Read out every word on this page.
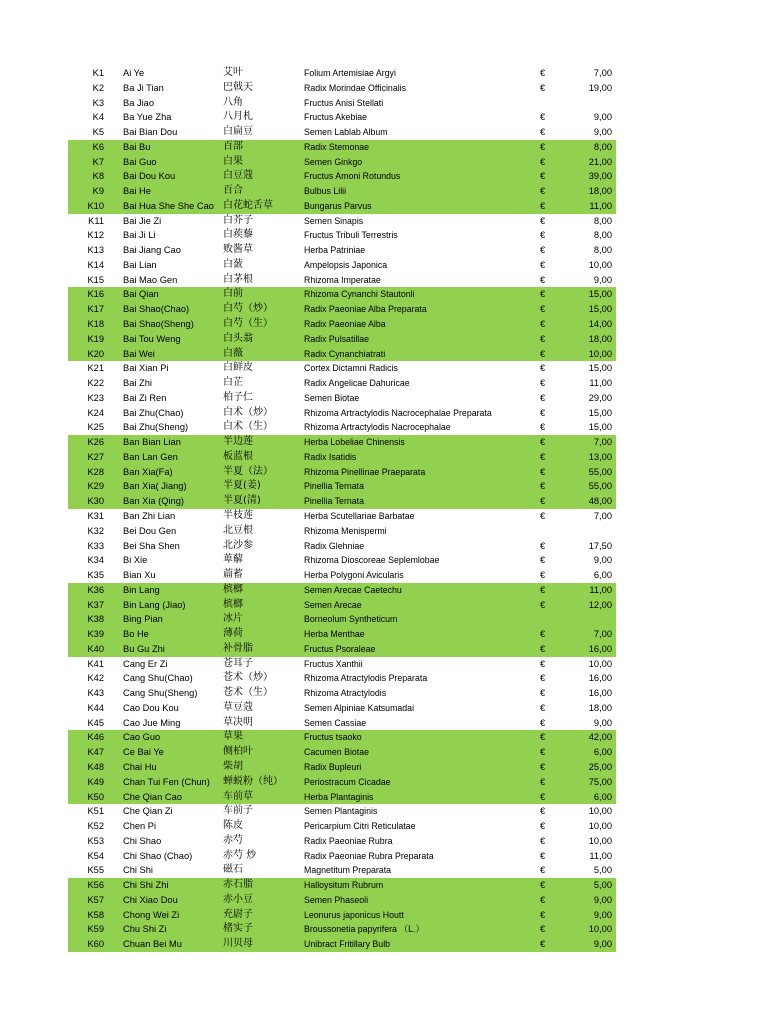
K1 Ai Ye	艾叶	Folium Artemisiae Argyi	€	7,00
K2 Ba Ji Tian	巴戟天	Radix Morindae Officinalis	€	19,00
K3 Ba Jiao	八角	Fructus Anisi Stellati
K4 Ba Yue Zha	八月札	Fructus Akebiae	€	9,00
K5 Bai Bian Dou	白扁豆	Semen Lablab Album	€	9,00
K6 Bai Bu	百部	Radix Stemonae	€	8,00
K7 Bai Guo	白果	Semen Ginkgo	€	21,00
K8 Bai Dou Kou	白豆蔻	Fructus Amoni Rotundus	€	39,00
K9 Bai He	百合	Bulbus Lilii	€	18,00
K10 Bai Hua She She Cao 白花蛇舌草	Bungarus Parvus	€	11,00
K11 Bai Jie Zi	白芥子	Semen Sinapis	€	8,00
K12 Bai Ji Li	白蒺藜	Fructus Tribuli Terrestris	€	8,00
K13 Bai Jiang Cao	败酱草	Herba Patriniae	€	8,00
K14 Bai Lian	白蔹	Ampelopsis Japonica	€	10,00
K15 Bai Mao Gen	白茅根	Rhizoma Imperatae	€	9,00
K16 Bai Qian	白前	Rhizoma Cynanchi Stautonli	€	15,00
K17 Bai Shao(Chao)	白芍（炒）	Radix Paeoniae Alba Preparata	€	15,00
K18 Bai Shao(Sheng)	白芍（生）	Radix Paeoniae Alba	€	14,00
K19 Bai Tou Weng	白头翁	Radix Pulsatillae	€	18,00
K20 Bai Wei	白薇	Radix Cynanchiatrati	€	10,00
K21 Bai Xian Pi	白鲜皮	Cortex Dictamni Radicis	€	15,00
K22 Bai Zhi	白芷	Radix Angelicae Dahuricae	€	11,00
K23 Bai Zi Ren	柏子仁	Semen Biotae	€	29,00
K24 Bai Zhu(Chao)	白术（炒）	Rhizoma Artractylodis Nacrocephalae Preparata	€	15,00
K25 Bai Zhu(Sheng)	白术（生）	Rhizoma Artractylodis Nacrocephalae	€	15,00
K26 Ban Bian Lian	半边莲	Herba Lobeliae Chinensis	€	7,00
K27 Ban Lan Gen	板蓝根	Radix Isatidis	€	13,00
K28 Ban Xia(Fa)	半夏（法）	Rhizoma Pinellinae Praeparata	€	55,00
K29 Ban Xia( Jiang)	半夏(姜)	Pinellia Ternata	€	55,00
K30 Ban Xia (Qing)	半夏(清)	Pinellia Ternata	€	48,00
K31 Ban Zhi Lian	半枝莲	Herba Scutellariae Barbatae	€	7,00
K32 Bei Dou Gen	北豆根	Rhizoma Menispermi
K33 Bei Sha Shen	北沙参	Radix Glehniae	€	17,50
K34 Bi Xie	萆薢	Rhizoma Dioscoreae Seplemlobae	€	9,00
K35 Bian Xu	萹蓄	Herba Polygoni Avicularis	€	6,00
K36 Bin Lang	槟榔	Semen Arecae Caetechu	€	11,00
K37 Bin Lang (Jiao)	槟榔	Semen Arecae	€	12,00
K38 Bing Pian	冰片	Borneolum Syntheticum
K39 Bo He	薄荷	Herba Menthae	€	7,00
K40 Bu Gu Zhi	补骨脂	Fructus Psoraleae	€	16,00
K41 Cang Er Zi	苍耳子	Fructus Xanthii	€	10,00
K42 Cang Shu(Chao)	苍术（炒）	Rhizoma Atractylodis Preparata	€	16,00
K43 Cang Shu(Sheng)	苍术（生）	Rhizoma Atractylodis	€	16,00
K44 Cao Dou Kou	草豆蔻	Semen Alpiniae Katsumadai	€	18,00
K45 Cao Jue Ming	草决明	Semen Cassiae	€	9,00
K46 Cao Guo	草果	Fructus tsaoko	€	42,00
K47 Ce Bai Ye	侧柏叶	Cacumen Biotae	€	6,00
K48 Chai Hu	柴胡	Radix Bupleuri	€	25,00
K49 Chan Tui Fen (Chun)	蝉蜕粉（纯）	Periostracum Cicadae	€	75,00
K50 Che Qian Cao	车前草	Herba Plantaginis	€	6,00
K51 Che Qian Zi	车前子	Semen Plantaginis	€	10,00
K52 Chen Pi	陈皮	Pericarpium Citri Reticulatae	€	10,00
K53 Chi Shao	赤芍	Radix Paeoniae Rubra	€	10,00
K54 Chi Shao (Chao)	赤芍 炒	Radix Paeoniae Rubra Preparata	€	11,00
K55 Chi Shi	磁石	Magnetitum Preparata	€	5,00
K56 Chi Shi Zhi	赤石脂	Halloysitum Rubrum	€	5,00
K57 Chi Xiao Dou	赤小豆	Semen Phaseoli	€	9,00
K58 Chong Wei Zi	充尉子	Leonurus japonicus Houtt	€	9,00
K59 Chu Shi Zi	楮实子	Broussonetia papyrifera （L.）	€	10,00
K60 Chuan Bei Mu	川贝母	Unibract Fritillary Bulb	€	9,00
